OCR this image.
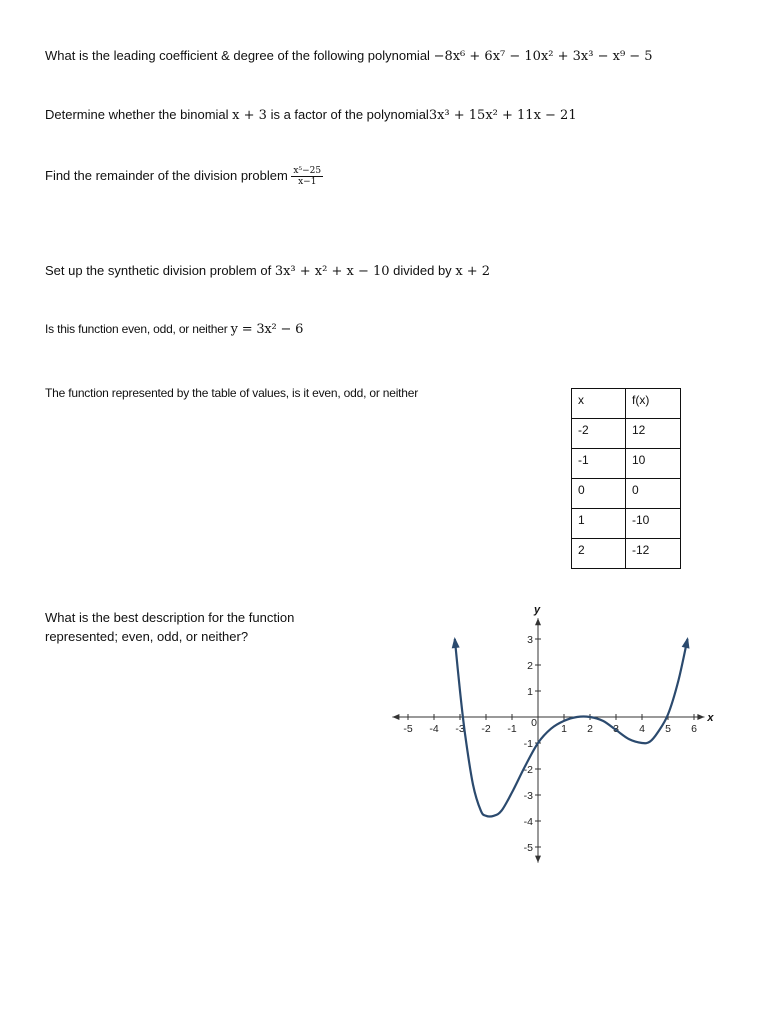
What is the leading coefficient & degree of the following polynomial −8x⁶ + 6x⁷ − 10x² + 3x³ − x⁹ − 5
Determine whether the binomial x + 3 is a factor of the polynomial3x³ + 15x² + 11x − 21
Find the remainder of the division problem $\frac{\text{x⁵−25}}{x-1}$
Set up the synthetic division problem of 3x³ + x² + x − 10 divided by x + 2
Is this function even, odd, or neither y = 3x² − 6
The function represented by the table of values, is it even, odd, or neither	x	f(x)
-2	12
-1	10
0	0
1	-10
2	-12
What is the best description for the function represented; even, odd, or neither?
x
y
-5 -4 -3 -2 -1 0 1 2 3 4 5 6
3
2
1
-1
-2
-3
-4
-5
